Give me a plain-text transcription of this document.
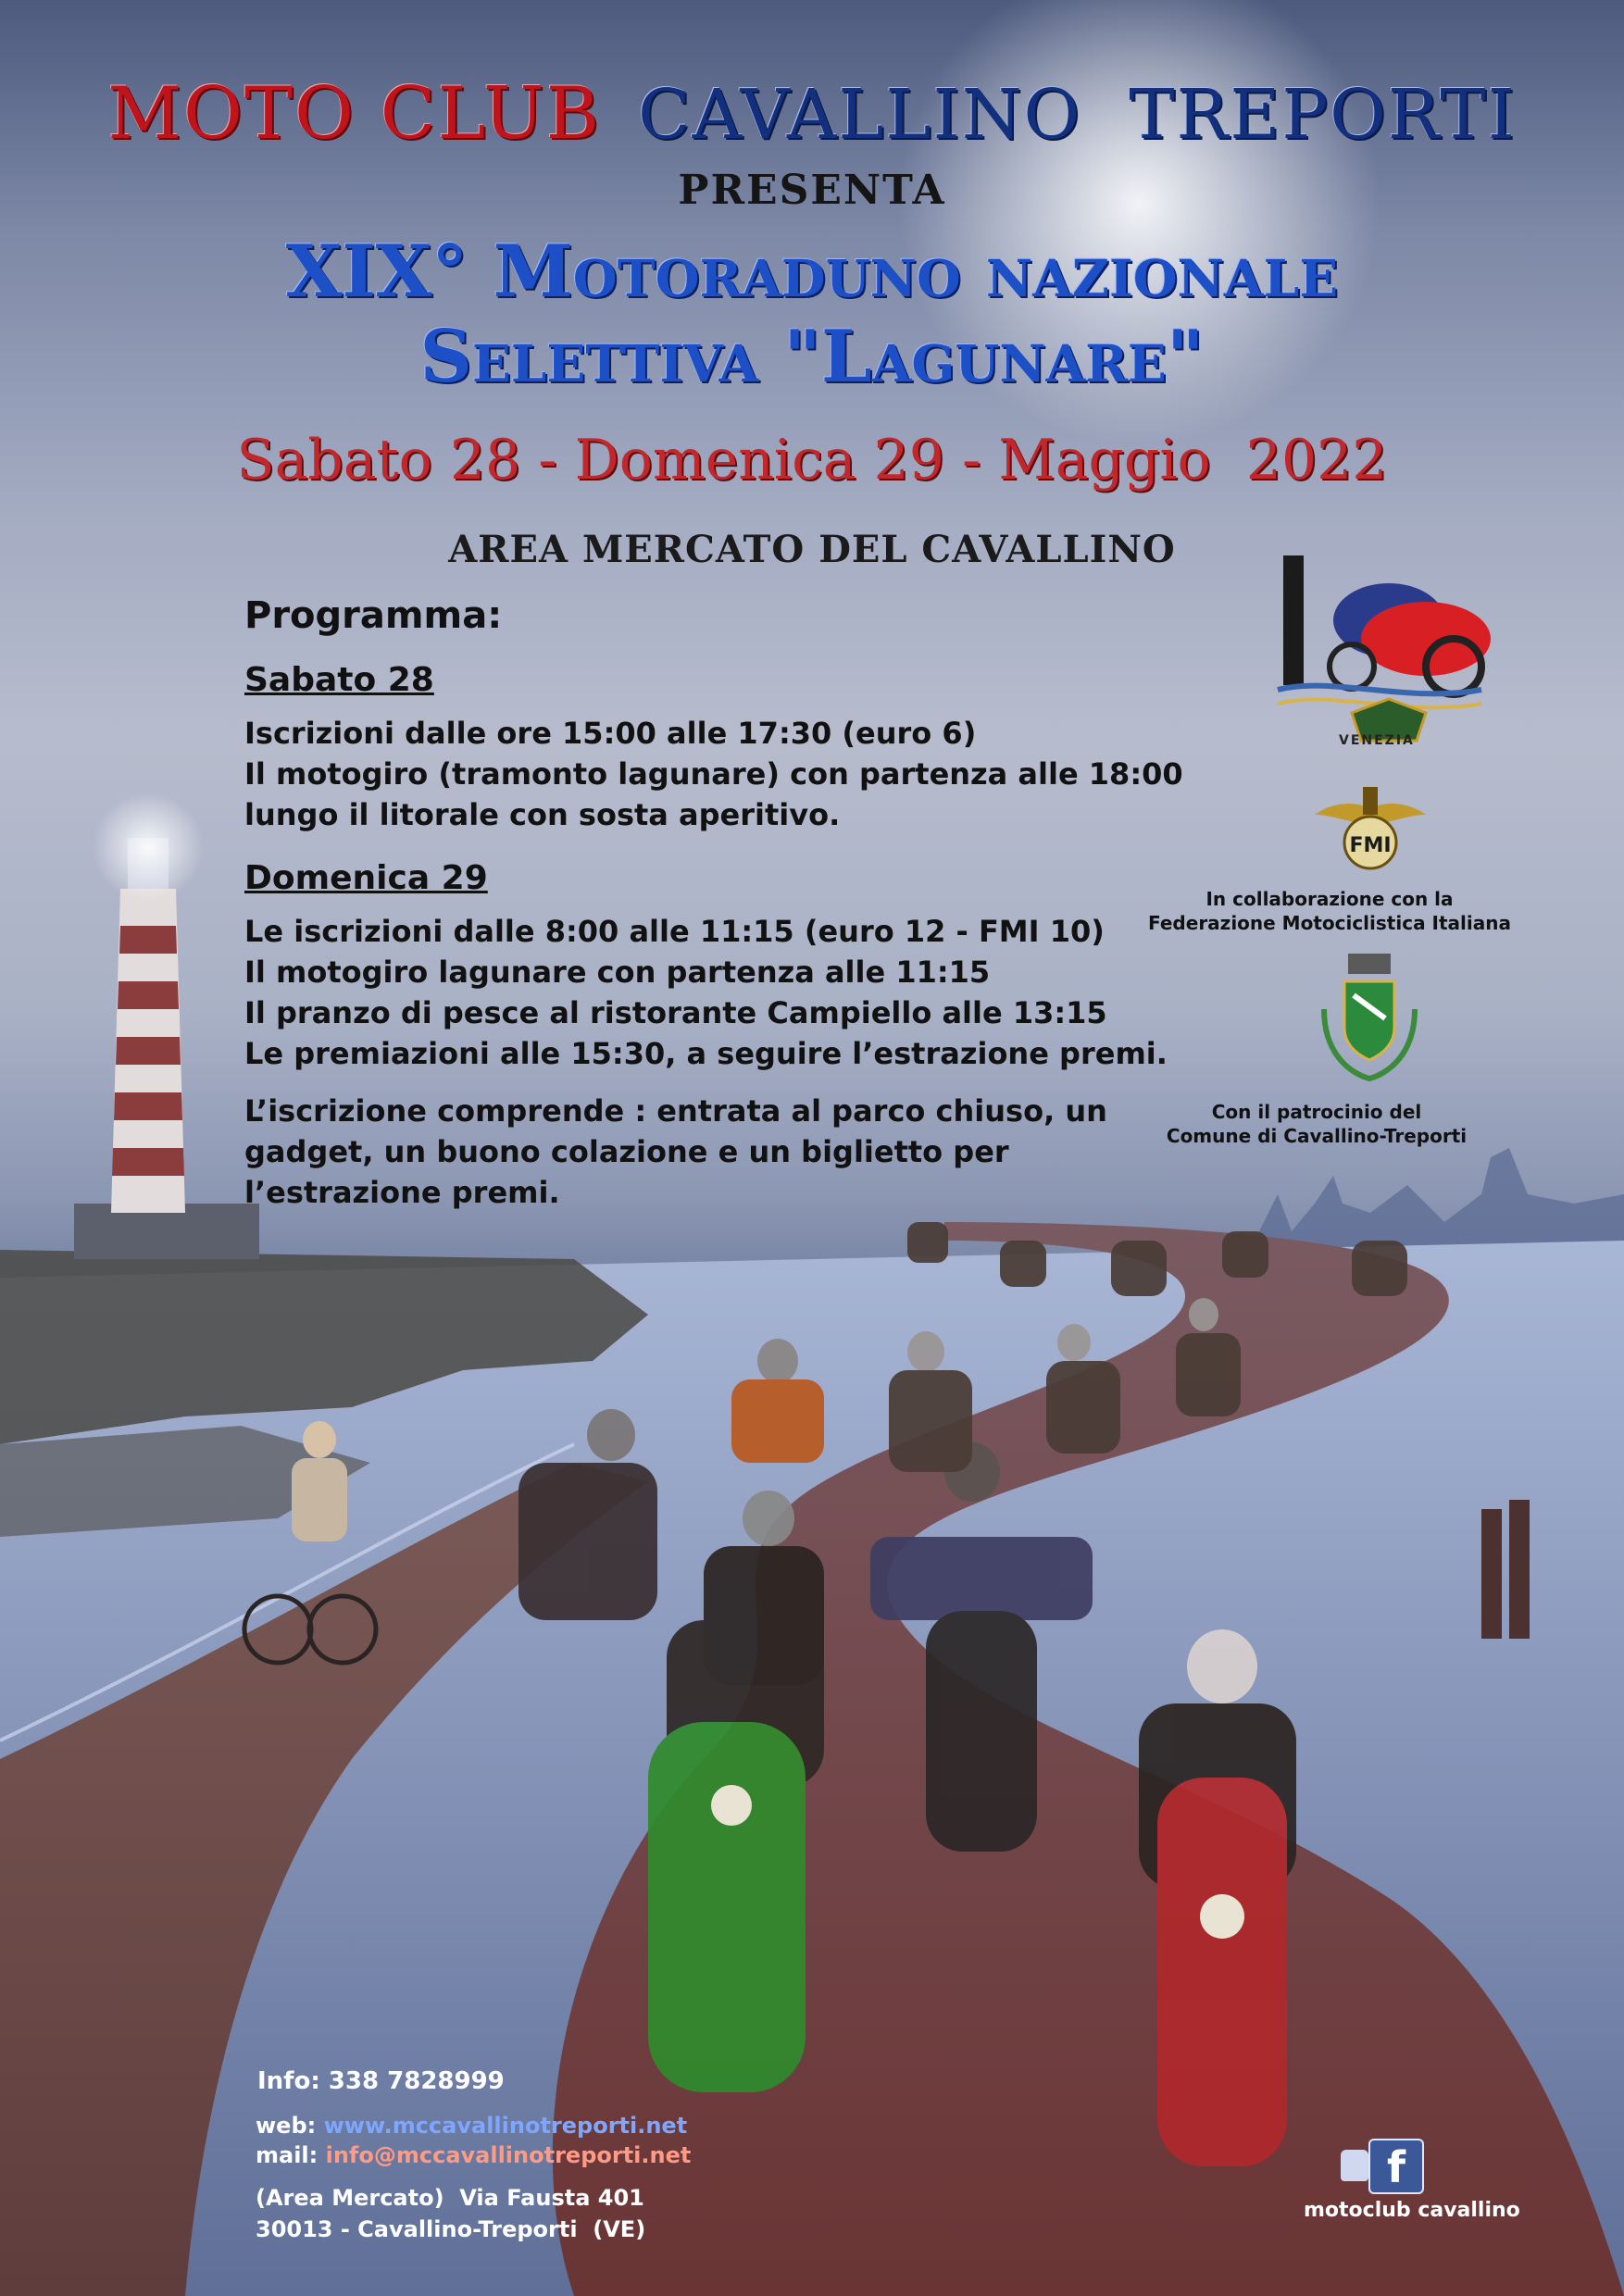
FMI
MOTO CLUB CAVALLINO  TREPORTI
PRESENTA
XIX° Motoraduno nazionale
Selettiva "Lagunare"
Sabato 28 - Domenica 29 - Maggio  2022
AREA MERCATO DEL CAVALLINO
Programma:
Sabato 28
Iscrizioni dalle ore 15:00 alle 17:30 (euro 6)
Il motogiro (tramonto lagunare) con partenza alle 18:00
lungo il litorale con sosta aperitivo.
Domenica 29
Le iscrizioni dalle 8:00 alle 11:15 (euro 12 - FMI 10)
Il motogiro lagunare con partenza alle 11:15
Il pranzo di pesce al ristorante Campiello alle 13:15
Le premiazioni alle 15:30, a seguire l’estrazione premi.
L’iscrizione comprende : entrata al parco chiuso, un
gadget, un buono colazione e un biglietto per
l’estrazione premi.
VENEZIA
In collaborazione con la
Federazione Motociclistica Italiana
Con il patrocinio del
Comune di Cavallino-Treporti
Info: 338 7828999
web: www.mccavallinotreporti.net
mail: info@mccavallinotreporti.net
(Area Mercato)  Via Fausta 401
30013 - Cavallino-Treporti  (VE)
f
motoclub cavallino
